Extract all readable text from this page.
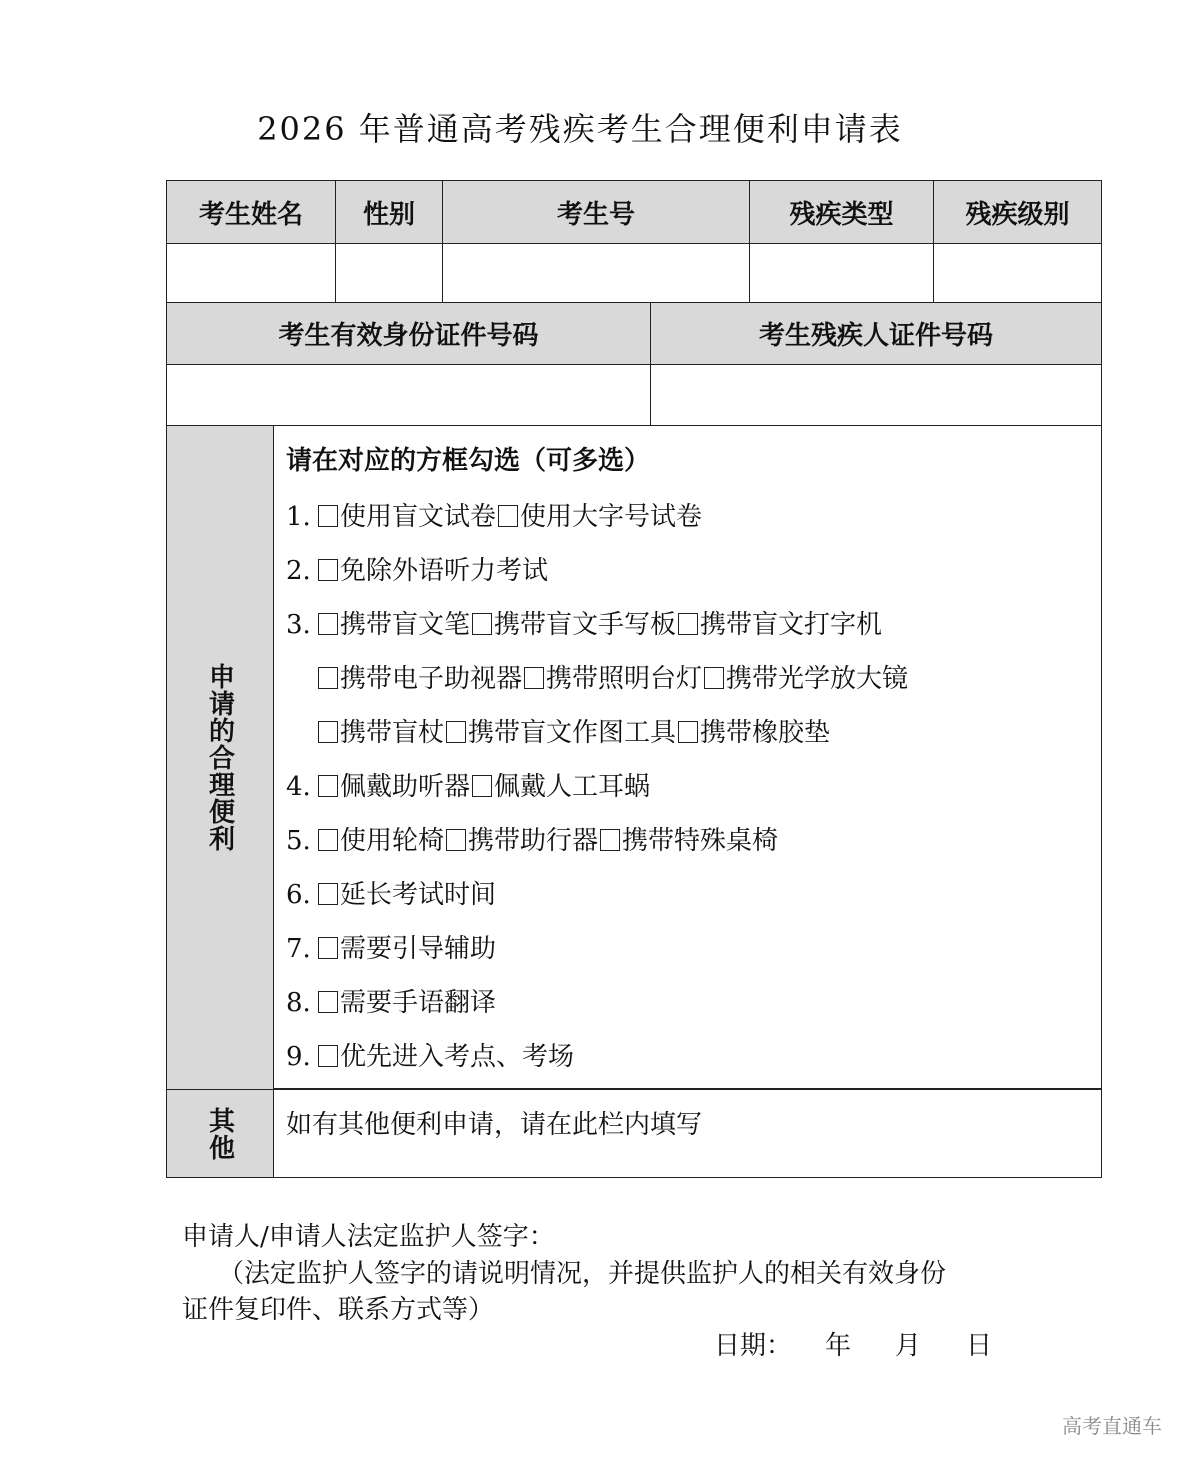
2026 年普通高考残疾考生合理便利申请表
考生姓名	性别	考生号	残疾类型	残疾级别
考生有效身份证件号码	考生残疾人证件号码
申请的合理便利
请在对应的方框勾选（可多选）
1. 使用盲文试卷 使用大字号试卷
2. 免除外语听力考试
3. 携带盲文笔 携带盲文手写板 携带盲文打字机
携带电子助视器 携带照明台灯 携带光学放大镜
携带盲杖 携带盲文作图工具 携带橡胶垫
4. 佩戴助听器 佩戴人工耳蜗
5. 使用轮椅 携带助行器 携带特殊桌椅
6. 延长考试时间
7. 需要引导辅助
8. 需要手语翻译
9. 优先进入考点、考场
其他	如有其他便利申请，请在此栏内填写
申请人/申请人法定监护人签字：
（法定监护人签字的请说明情况，并提供监护人的相关有效身份
证件复印件、联系方式等）
日期： 年 月 日
高考直通车
